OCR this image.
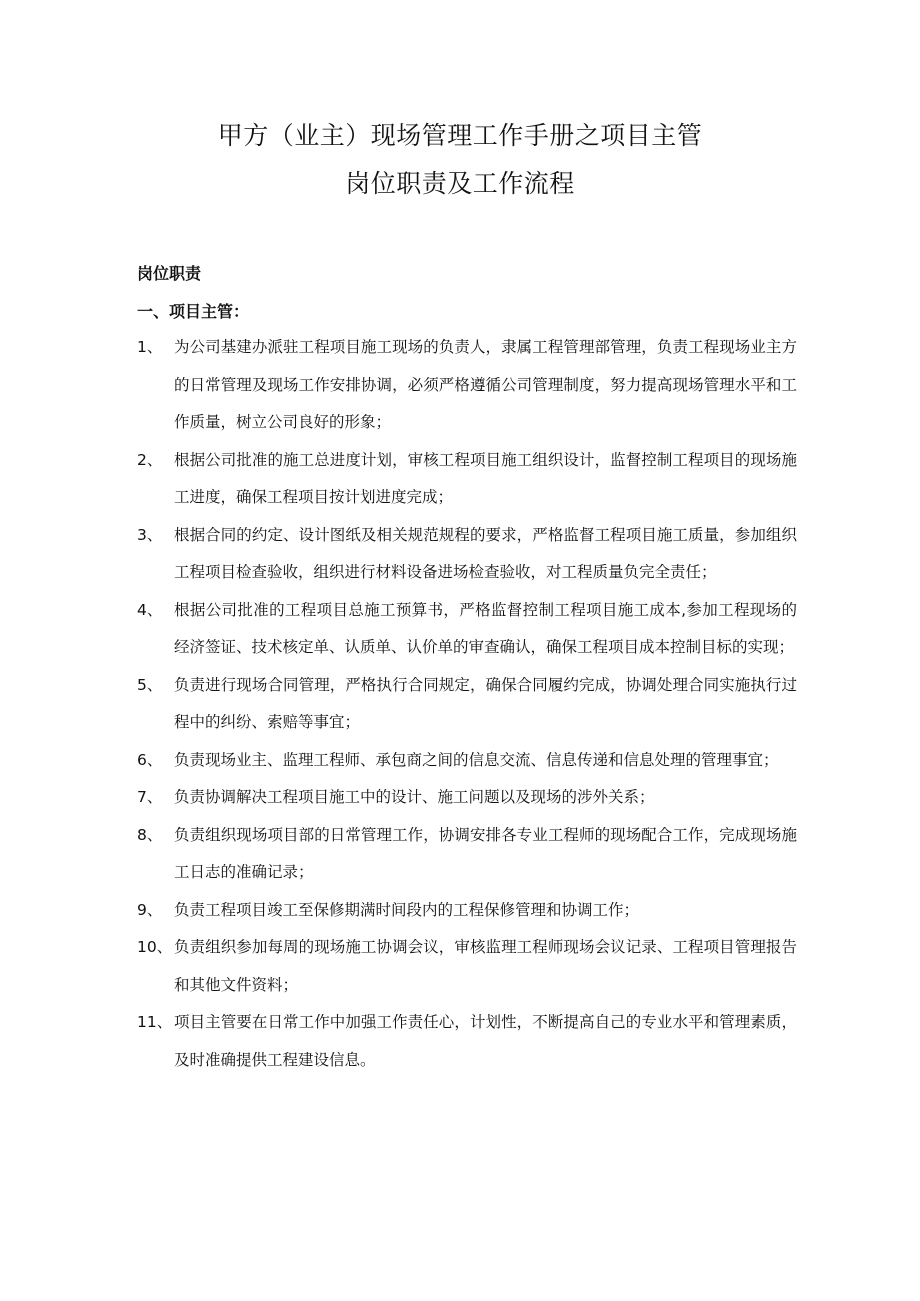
甲方（业主）现场管理工作手册之项目主管
岗位职责及工作流程
岗位职责
一、项目主管：
1、 为公司基建办派驻工程项目施工现场的负责人，隶属工程管理部管理，负责工程现场业主方的日常管理及现场工作安排协调，必须严格遵循公司管理制度，努力提高现场管理水平和工作质量，树立公司良好的形象；
2、 根据公司批准的施工总进度计划，审核工程项目施工组织设计，监督控制工程项目的现场施工进度，确保工程项目按计划进度完成；
3、 根据合同的约定、设计图纸及相关规范规程的要求，严格监督工程项目施工质量，参加组织工程项目检查验收，组织进行材料设备进场检查验收，对工程质量负完全责任；
4、 根据公司批准的工程项目总施工预算书，严格监督控制工程项目施工成本,参加工程现场的经济签证、技术核定单、认质单、认价单的审查确认，确保工程项目成本控制目标的实现；
5、 负责进行现场合同管理，严格执行合同规定，确保合同履约完成，协调处理合同实施执行过程中的纠纷、索赔等事宜；
6、 负责现场业主、监理工程师、承包商之间的信息交流、信息传递和信息处理的管理事宜；
7、 负责协调解决工程项目施工中的设计、施工问题以及现场的涉外关系；
8、 负责组织现场项目部的日常管理工作，协调安排各专业工程师的现场配合工作，完成现场施工日志的准确记录；
9、 负责工程项目竣工至保修期满时间段内的工程保修管理和协调工作；
10、 负责组织参加每周的现场施工协调会议，审核监理工程师现场会议记录、工程项目管理报告和其他文件资料；
11、 项目主管要在日常工作中加强工作责任心，计划性，不断提高自己的专业水平和管理素质，及时准确提供工程建设信息。
